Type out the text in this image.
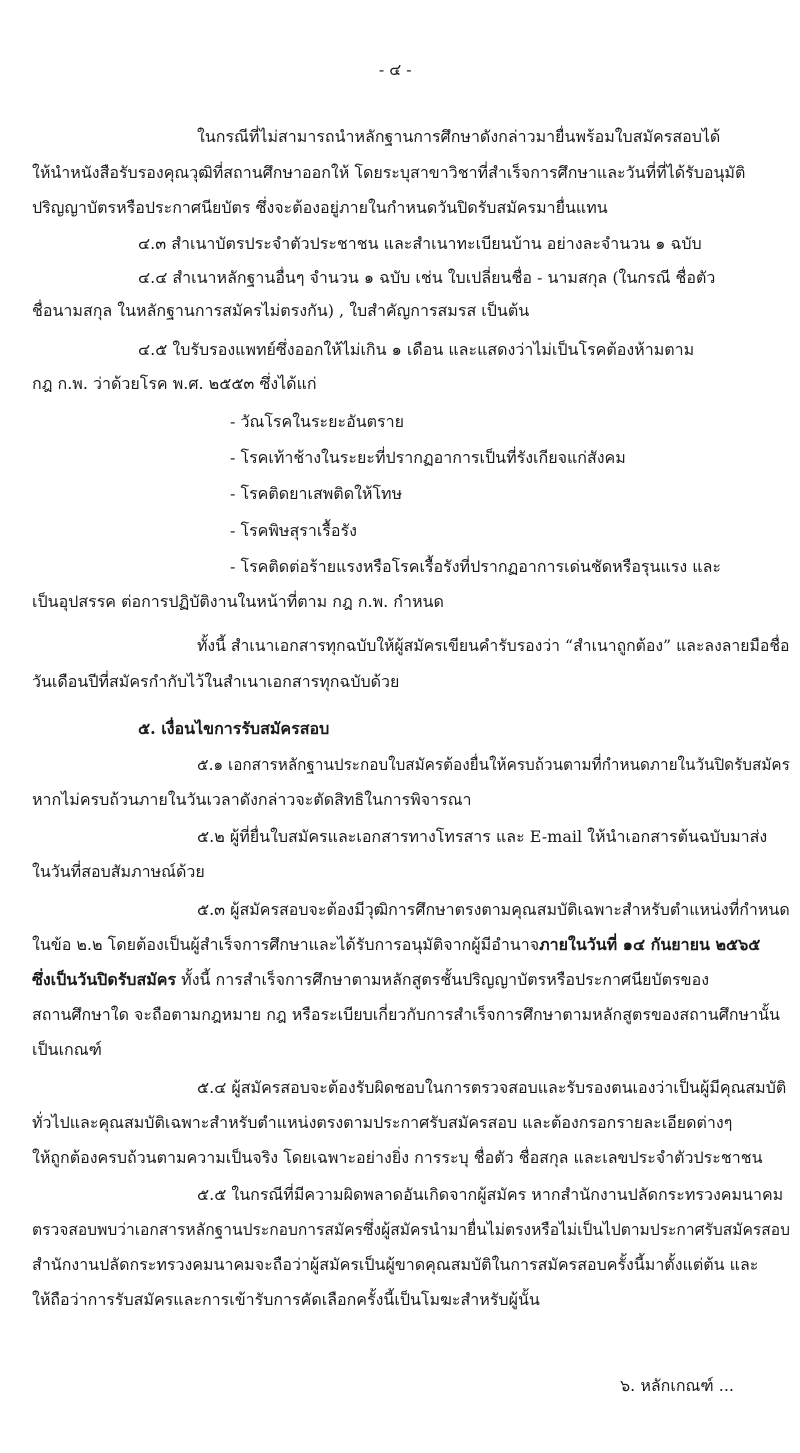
- ๔ -
ในกรณีที่ไม่สามารถนำหลักฐานการศึกษาดังกล่าวมายื่นพร้อมใบสมัครสอบได้
ให้นำหนังสือรับรองคุณวุฒิที่สถานศึกษาออกให้ โดยระบุสาขาวิชาที่สำเร็จการศึกษาและวันที่ที่ได้รับอนุมัติ
ปริญญาบัตรหรือประกาศนียบัตร ซึ่งจะต้องอยู่ภายในกำหนดวันปิดรับสมัครมายื่นแทน
๔.๓ สำเนาบัตรประจำตัวประชาชน และสำเนาทะเบียนบ้าน อย่างละจำนวน ๑ ฉบับ
๔.๔ สำเนาหลักฐานอื่นๆ จำนวน ๑ ฉบับ เช่น ใบเปลี่ยนชื่อ - นามสกุล (ในกรณี ชื่อตัว
ชื่อนามสกุล ในหลักฐานการสมัครไม่ตรงกัน) , ใบสำคัญการสมรส เป็นต้น
๔.๕ ใบรับรองแพทย์ซึ่งออกให้ไม่เกิน ๑ เดือน และแสดงว่าไม่เป็นโรคต้องห้ามตาม
กฎ ก.พ. ว่าด้วยโรค พ.ศ. ๒๕๕๓ ซึ่งได้แก่
- วัณโรคในระยะอันตราย
- โรคเท้าช้างในระยะที่ปรากฏอาการเป็นที่รังเกียจแก่สังคม
- โรคติดยาเสพติดให้โทษ
- โรคพิษสุราเรื้อรัง
- โรคติดต่อร้ายแรงหรือโรคเรื้อรังที่ปรากฏอาการเด่นชัดหรือรุนแรง และ
เป็นอุปสรรค ต่อการปฏิบัติงานในหน้าที่ตาม กฎ ก.พ. กำหนด
ทั้งนี้ สำเนาเอกสารทุกฉบับให้ผู้สมัครเขียนคำรับรองว่า “สำเนาถูกต้อง” และลงลายมือชื่อ
วันเดือนปีที่สมัครกำกับไว้ในสำเนาเอกสารทุกฉบับด้วย
๕. เงื่อนไขการรับสมัครสอบ
๕.๑ เอกสารหลักฐานประกอบใบสมัครต้องยื่นให้ครบถ้วนตามที่กำหนดภายในวันปิดรับสมัคร
หากไม่ครบถ้วนภายในวันเวลาดังกล่าวจะตัดสิทธิในการพิจารณา
๕.๒ ผู้ที่ยื่นใบสมัครและเอกสารทางโทรสาร และ E-mail ให้นำเอกสารต้นฉบับมาส่ง
ในวันที่สอบสัมภาษณ์ด้วย
๕.๓ ผู้สมัครสอบจะต้องมีวุฒิการศึกษาตรงตามคุณสมบัติเฉพาะสำหรับตำแหน่งที่กำหนด
ในข้อ ๒.๒ โดยต้องเป็นผู้สำเร็จการศึกษาและได้รับการอนุมัติจากผู้มีอำนาจภายในวันที่ ๑๔ กันยายน ๒๕๖๕
ซึ่งเป็นวันปิดรับสมัคร ทั้งนี้ การสำเร็จการศึกษาตามหลักสูตรชั้นปริญญาบัตรหรือประกาศนียบัตรของ
สถานศึกษาใด จะถือตามกฎหมาย กฎ หรือระเบียบเกี่ยวกับการสำเร็จการศึกษาตามหลักสูตรของสถานศึกษานั้น
เป็นเกณฑ์
๕.๔ ผู้สมัครสอบจะต้องรับผิดชอบในการตรวจสอบและรับรองตนเองว่าเป็นผู้มีคุณสมบัติ
ทั่วไปและคุณสมบัติเฉพาะสำหรับตำแหน่งตรงตามประกาศรับสมัครสอบ และต้องกรอกรายละเอียดต่างๆ
ให้ถูกต้องครบถ้วนตามความเป็นจริง โดยเฉพาะอย่างยิ่ง การระบุ ชื่อตัว ชื่อสกุล และเลขประจำตัวประชาชน
๕.๕ ในกรณีที่มีความผิดพลาดอันเกิดจากผู้สมัคร หากสำนักงานปลัดกระทรวงคมนาคม
ตรวจสอบพบว่าเอกสารหลักฐานประกอบการสมัครซึ่งผู้สมัครนำมายื่นไม่ตรงหรือไม่เป็นไปตามประกาศรับสมัครสอบ
สำนักงานปลัดกระทรวงคมนาคมจะถือว่าผู้สมัครเป็นผู้ขาดคุณสมบัติในการสมัครสอบครั้งนี้มาตั้งแต่ต้น และ
ให้ถือว่าการรับสมัครและการเข้ารับการคัดเลือกครั้งนี้เป็นโมฆะสำหรับผู้นั้น
๖. หลักเกณฑ์ ...
